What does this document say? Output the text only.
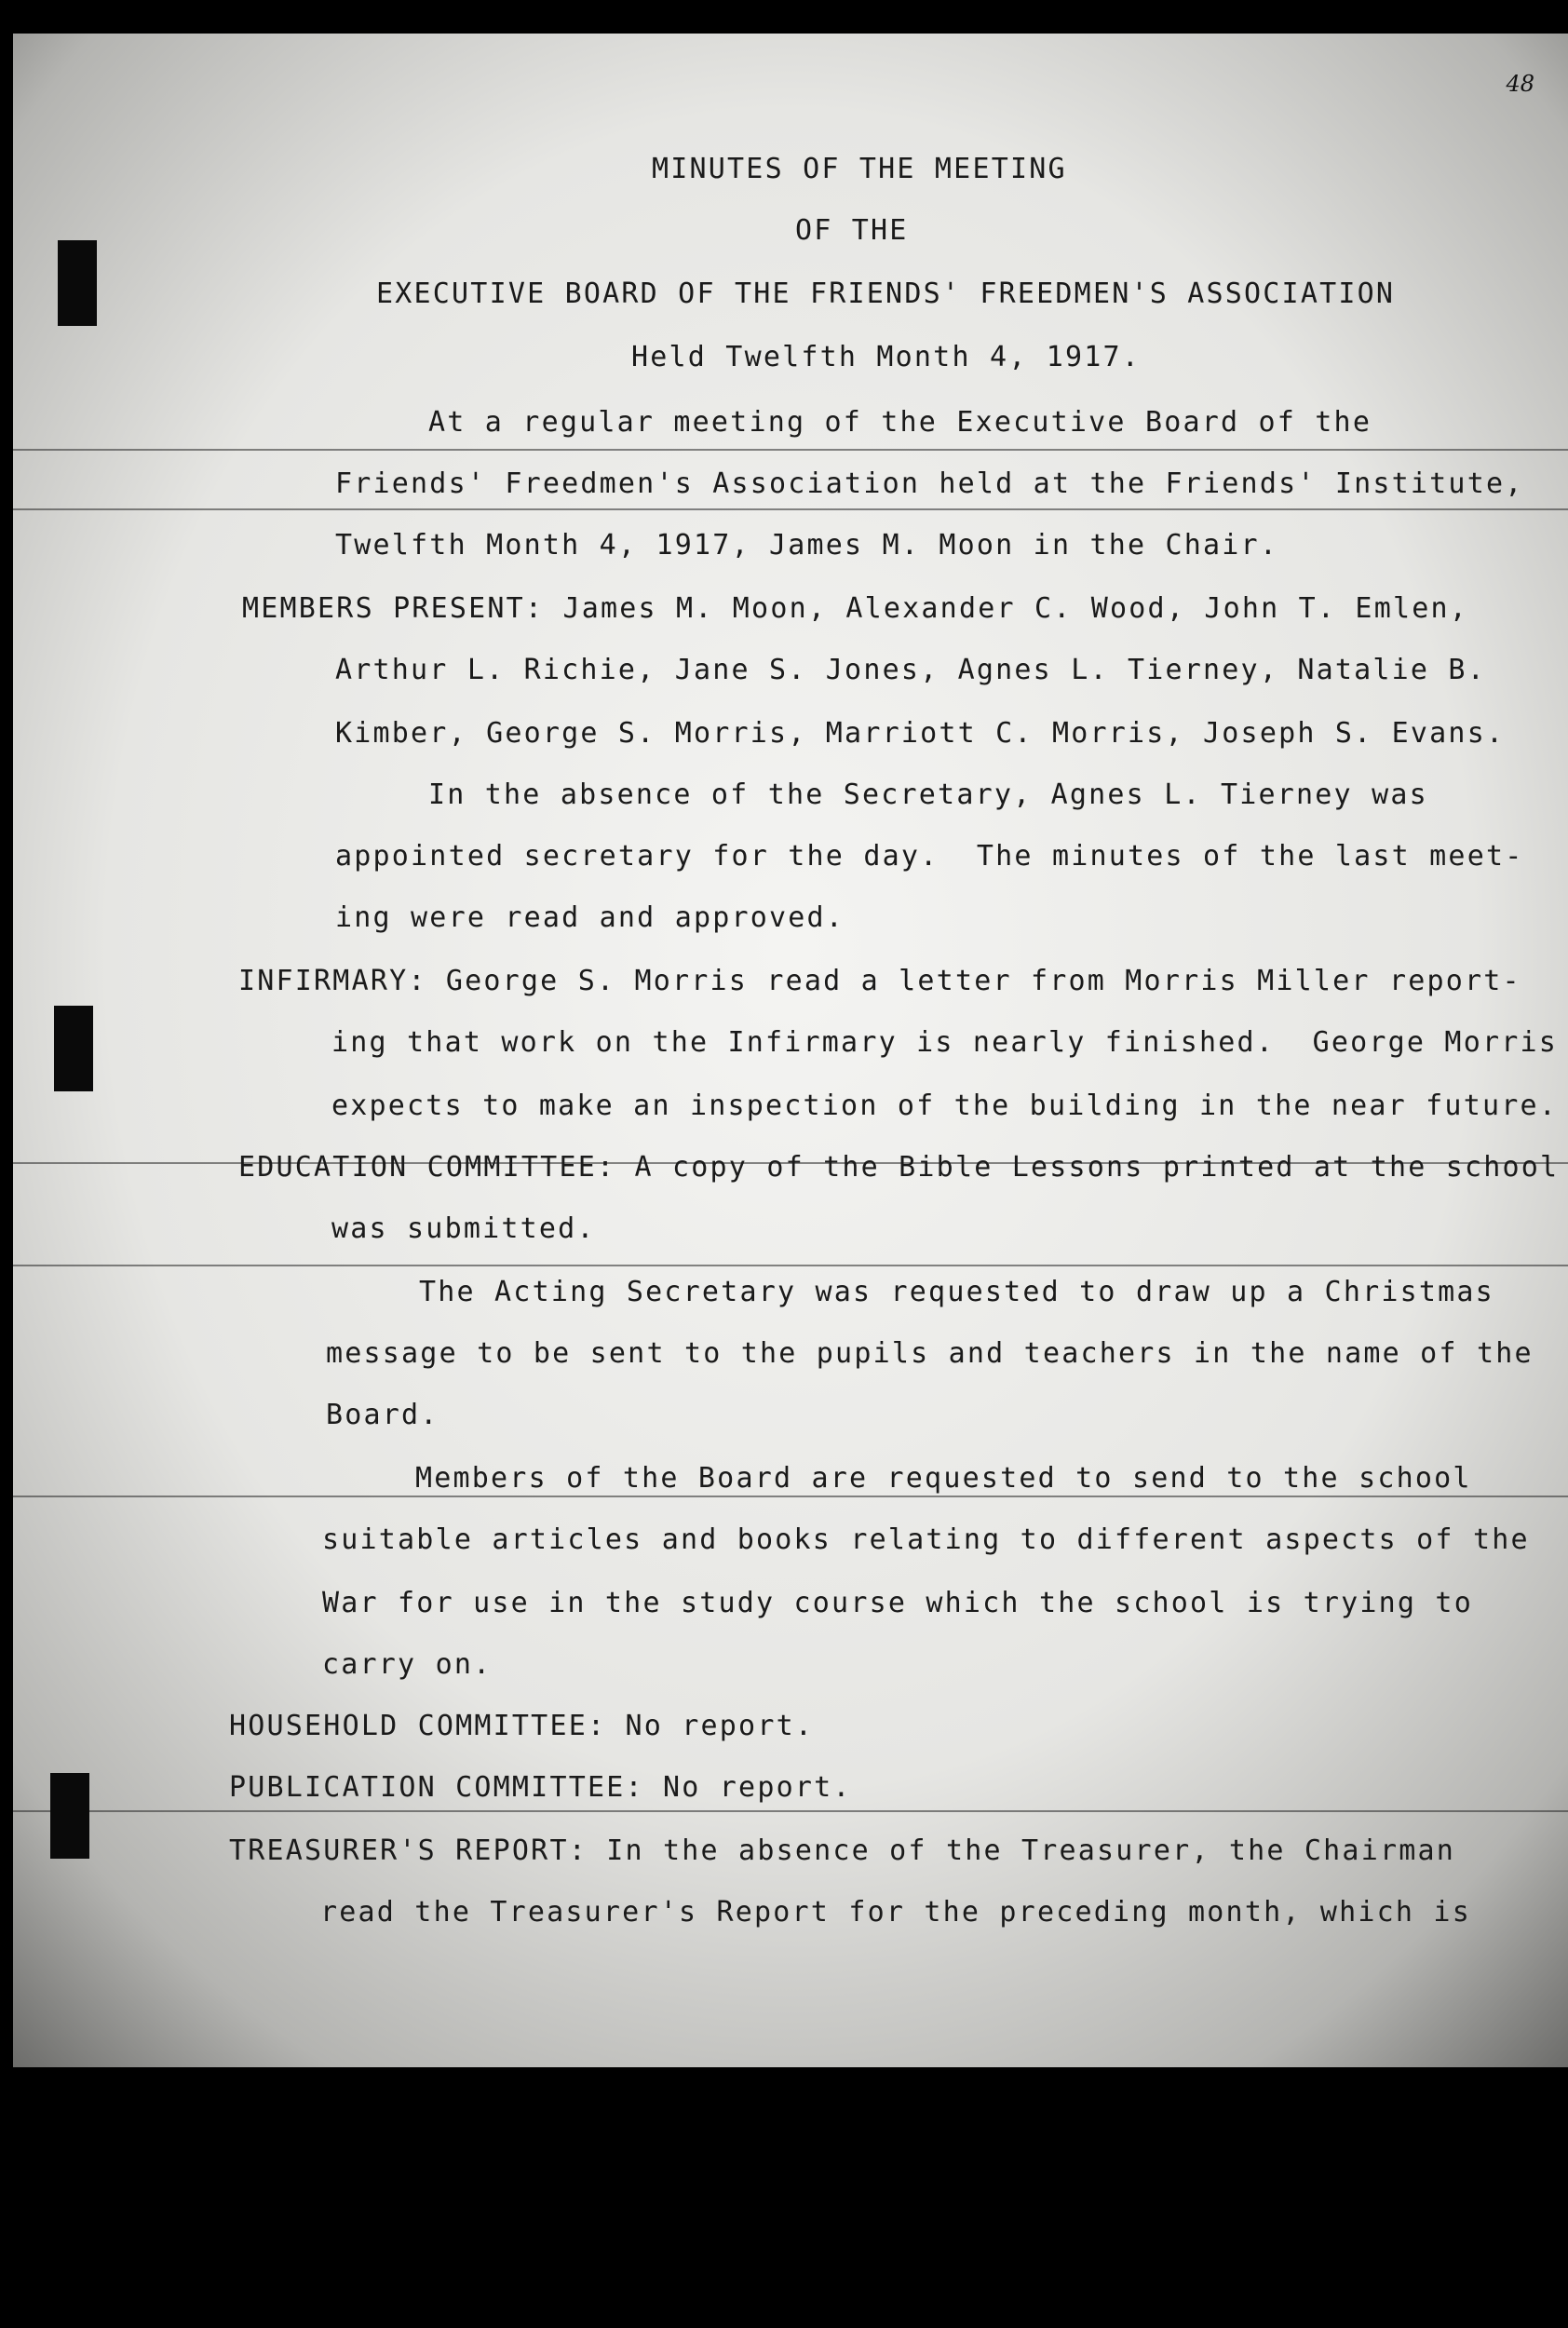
48
MINUTES OF THE MEETING
OF THE
EXECUTIVE BOARD OF THE FRIENDS' FREEDMEN'S ASSOCIATION
Held Twelfth Month 4, 1917.
At a regular meeting of the Executive Board of the
Friends' Freedmen's Association held at the Friends' Institute,
Twelfth Month 4, 1917, James M. Moon in the Chair.
MEMBERS PRESENT: James M. Moon, Alexander C. Wood, John T. Emlen,
Arthur L. Richie, Jane S. Jones, Agnes L. Tierney, Natalie B.
Kimber, George S. Morris, Marriott C. Morris, Joseph S. Evans.
In the absence of the Secretary, Agnes L. Tierney was
appointed secretary for the day.  The minutes of the last meet-
ing were read and approved.
INFIRMARY: George S. Morris read a letter from Morris Miller report-
ing that work on the Infirmary is nearly finished.  George Morris
expects to make an inspection of the building in the near future.
EDUCATION COMMITTEE: A copy of the Bible Lessons printed at the school
was submitted.
The Acting Secretary was requested to draw up a Christmas
message to be sent to the pupils and teachers in the name of the
Board.
Members of the Board are requested to send to the school
suitable articles and books relating to different aspects of the
War for use in the study course which the school is trying to
carry on.
HOUSEHOLD COMMITTEE: No report.
PUBLICATION COMMITTEE: No report.
TREASURER'S REPORT: In the absence of the Treasurer, the Chairman
read the Treasurer's Report for the preceding month, which is
